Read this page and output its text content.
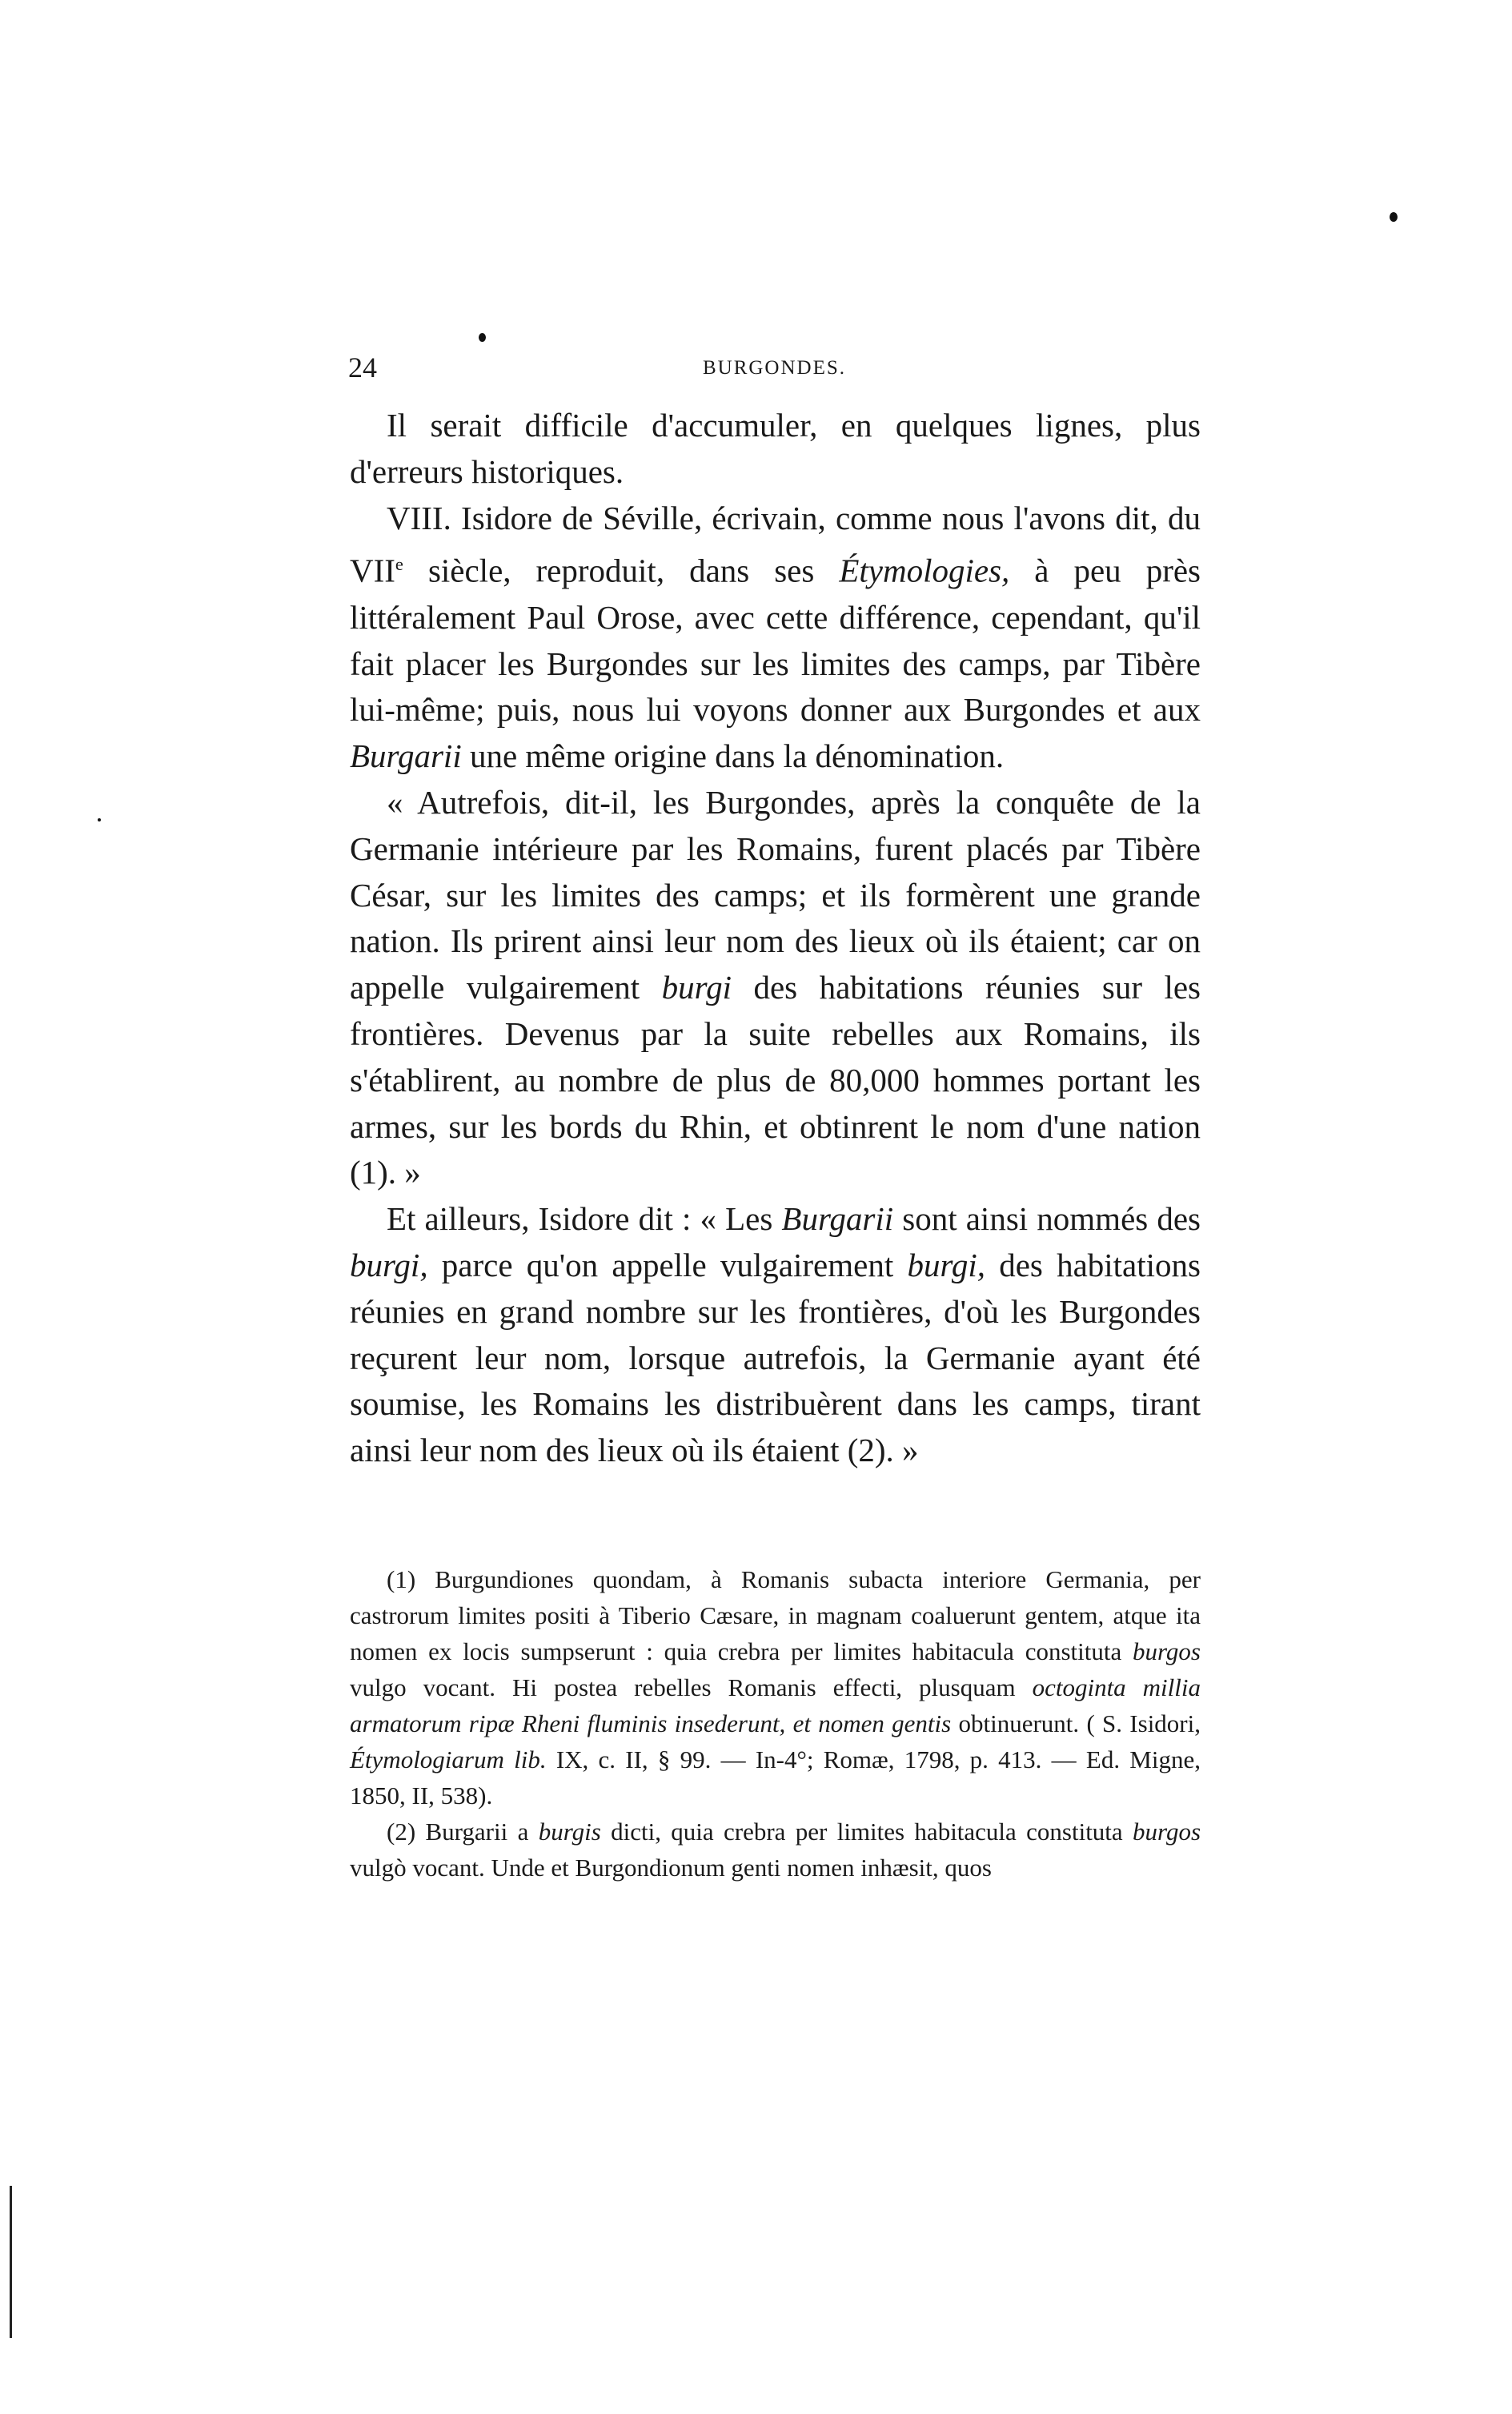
24	BURGONDES.

Il serait difficile d'accumuler, en quelques lignes, plus d'erreurs historiques.

VIII. Isidore de Séville, écrivain, comme nous l'avons dit, du VIIe siècle, reproduit, dans ses Étymologies, à peu près littéralement Paul Orose, avec cette différence, cependant, qu'il fait placer les Burgondes sur les limites des camps, par Tibère lui-même; puis, nous lui voyons donner aux Burgondes et aux Burgarii une même origine dans la dénomination.

« Autrefois, dit-il, les Burgondes, après la conquête de la Germanie intérieure par les Romains, furent placés par Tibère César, sur les limites des camps; et ils formèrent une grande nation. Ils prirent ainsi leur nom des lieux où ils étaient; car on appelle vulgairement burgi des habitations réunies sur les frontières. Devenus par la suite rebelles aux Romains, ils s'établirent, au nombre de plus de 80,000 hommes portant les armes, sur les bords du Rhin, et obtinrent le nom d'une nation (1). »

Et ailleurs, Isidore dit : « Les Burgarii sont ainsi nommés des burgi, parce qu'on appelle vulgairement burgi, des habitations réunies en grand nombre sur les frontières, d'où les Burgondes reçurent leur nom, lorsque autrefois, la Germanie ayant été soumise, les Romains les distribuèrent dans les camps, tirant ainsi leur nom des lieux où ils étaient (2). »

(1) Burgundiones quondam, à Romanis subacta interiore Germania, per castrorum limites positi à Tiberio Cæsare, in magnam coaluerunt gentem, atque ita nomen ex locis sumpserunt : quia crebra per limites habitacula constituta burgos vulgo vocant. Hi postea rebelles Romanis effecti, plusquam octoginta millia armatorum ripæ Rheni fluminis insederunt, et nomen gentis obtinuerunt. ( S. Isidori, Étymologiarum lib. IX, c. II, § 99. — In-4°; Romæ, 1798, p. 413. — Ed. Migne, 1850, II, 538).

(2) Burgarii a burgis dicti, quia crebra per limites habitacula constituta burgos vulgò vocant. Unde et Burgondionum genti nomen inhæsit, quos
